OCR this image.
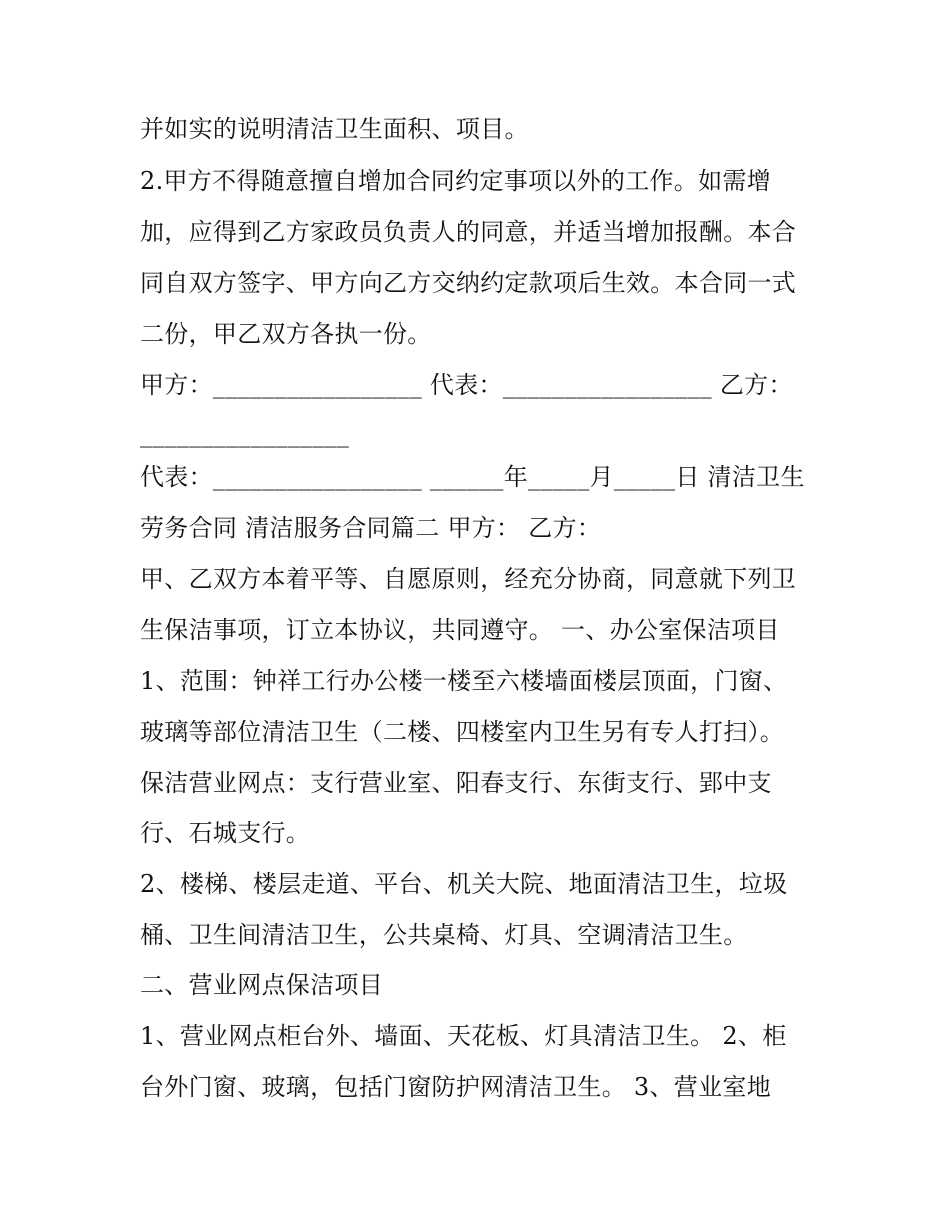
并如实的说明清洁卫生面积、项目。

2.甲方不得随意擅自增加合同约定事项以外的工作。如需增

加，应得到乙方家政员负责人的同意，并适当增加报酬。本合

同自双方签字、甲方向乙方交纳约定款项后生效。本合同一式

二份，甲乙双方各执一份。

甲方：_________________ 代表：_________________ 乙方：

_________________

代表：_________________ ______年_____月_____日 清洁卫生

劳务合同 清洁服务合同篇二 甲方： 乙方：

甲、乙双方本着平等、自愿原则，经充分协商，同意就下列卫

生保洁事项，订立本协议，共同遵守。 一、办公室保洁项目

1、范围：钟祥工行办公楼一楼至六楼墙面楼层顶面，门窗、

玻璃等部位清洁卫生（二楼、四楼室内卫生另有专人打扫）。

保洁营业网点：支行营业室、阳春支行、东街支行、郢中支

行、石城支行。

2、楼梯、楼层走道、平台、机关大院、地面清洁卫生，垃圾

桶、卫生间清洁卫生，公共桌椅、灯具、空调清洁卫生。

二、营业网点保洁项目

1、营业网点柜台外、墙面、天花板、灯具清洁卫生。 2、柜

台外门窗、玻璃，包括门窗防护网清洁卫生。 3、营业室地
